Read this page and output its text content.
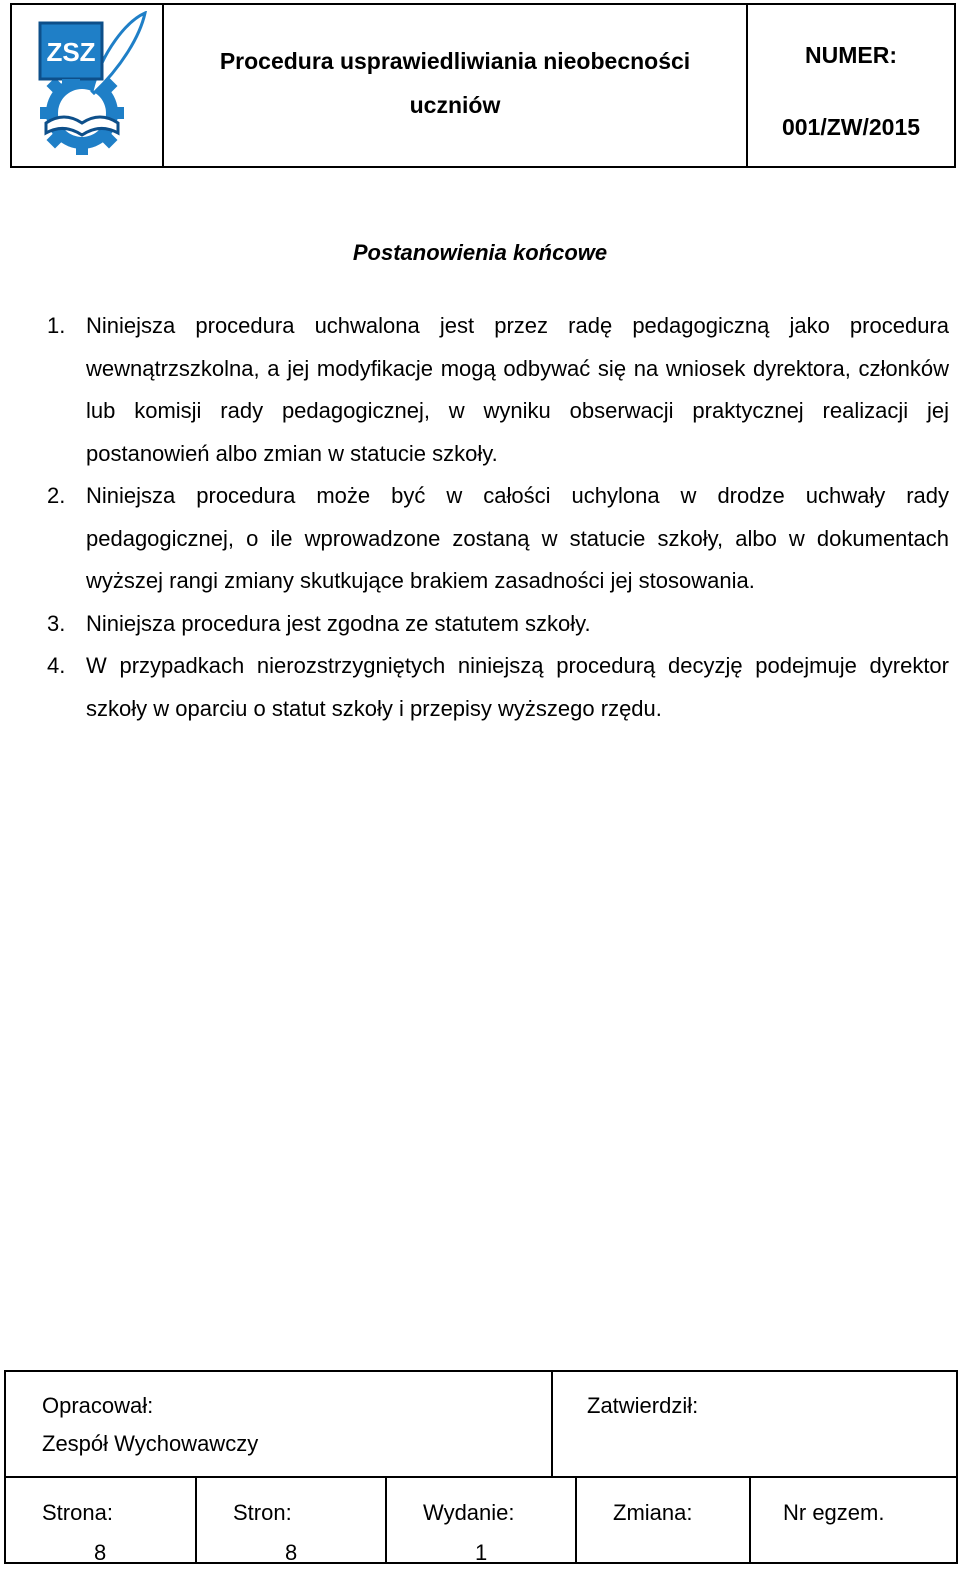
ZSZ	Procedura usprawiedliwiania nieobecności
uczniów
NUMER:
001/ZW/2015
Postanowienia końcowe
1. Niniejsza procedura uchwalona jest przez radę pedagogiczną jako procedura wewnątrzszkolna, a jej modyfikacje mogą odbywać się na wniosek dyrektora, członków lub komisji rady pedagogicznej, w wyniku obserwacji praktycznej realizacji jej postanowień albo zmian w statucie szkoły.
2. Niniejsza procedura może być w całości uchylona w drodze uchwały rady pedagogicznej, o ile wprowadzone zostaną w statucie szkoły, albo w dokumentach wyższej rangi zmiany skutkujące brakiem zasadności jej stosowania.
3. Niniejsza procedura jest zgodna ze statutem szkoły.
4. W przypadkach nierozstrzygniętych niniejszą procedurą decyzję podejmuje dyrektor szkoły w oparciu o statut szkoły i przepisy wyższego rzędu.
Opracował:
Zespół Wychowawczy
Zatwierdził:
Strona:
8
Stron:
8
Wydanie:
1
Zmiana:	Nr egzem.
